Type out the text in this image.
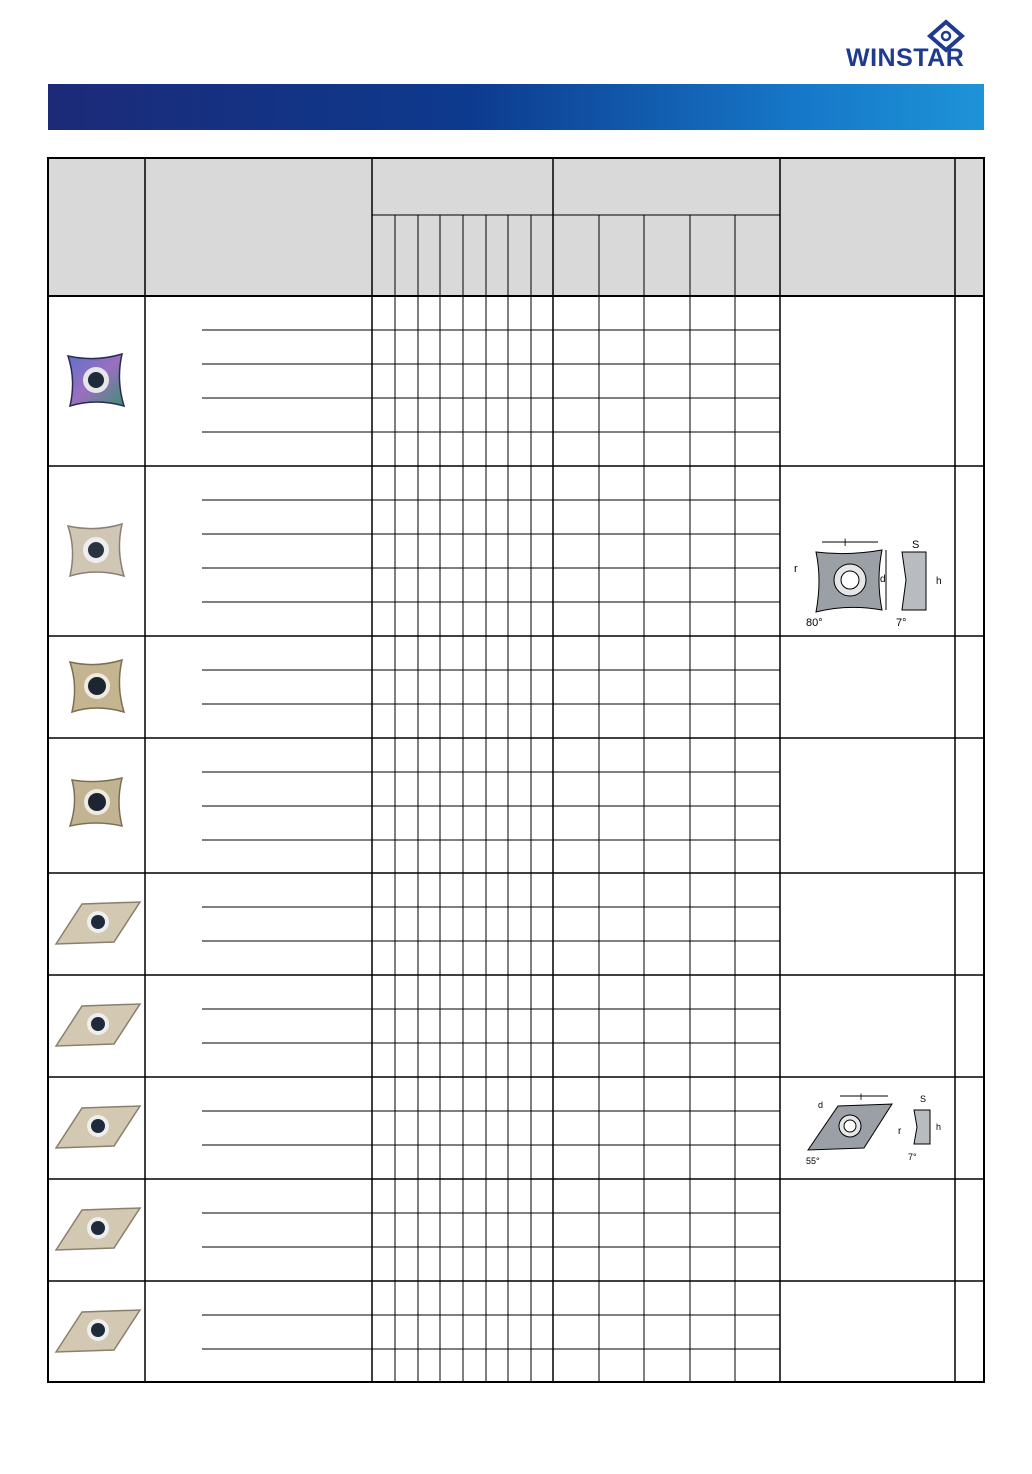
WINSTAR
l
d
r
80°
S
h
7°
l
d
r
55°
S
h
7°
